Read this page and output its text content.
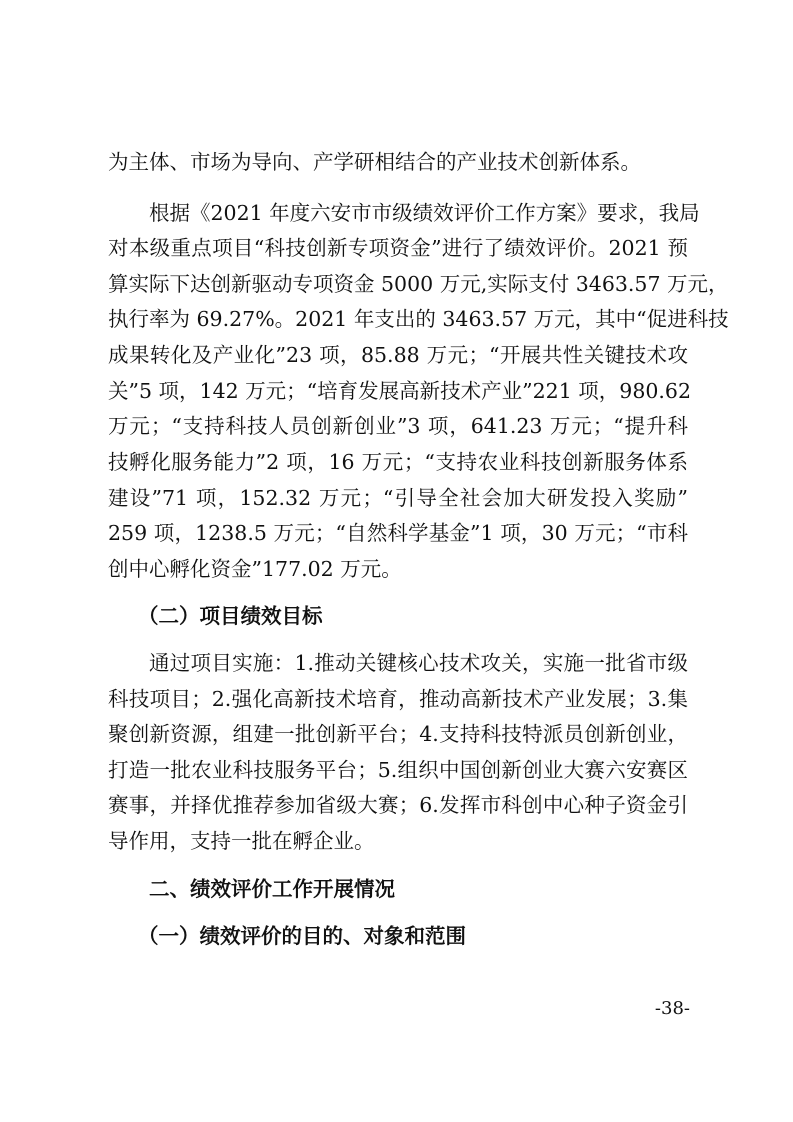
为主体、市场为导向、产学研相结合的产业技术创新体系。
根据《2021 年度六安市市级绩效评价工作方案》要求，我局
对本级重点项目“科技创新专项资金”进行了绩效评价。2021 预
算实际下达创新驱动专项资金 5000 万元,实际支付 3463.57 万元，
执行率为 69.27%。2021 年支出的 3463.57 万元，其中“促进科技
成果转化及产业化”23 项，85.88 万元；“开展共性关键技术攻
关”5 项，142 万元；“培育发展高新技术产业”221 项，980.62
万元；“支持科技人员创新创业”3 项，641.23 万元；“提升科
技孵化服务能力”2 项，16 万元；“支持农业科技创新服务体系
建设”71 项，152.32 万元；“引导全社会加大研发投入奖励”
259 项，1238.5 万元；“自然科学基金”1 项，30 万元；“市科
创中心孵化资金”177.02 万元。
（二）项目绩效目标
通过项目实施：1.推动关键核心技术攻关，实施一批省市级
科技项目；2.强化高新技术培育，推动高新技术产业发展；3.集
聚创新资源，组建一批创新平台；4.支持科技特派员创新创业，
打造一批农业科技服务平台；5.组织中国创新创业大赛六安赛区
赛事，并择优推荐参加省级大赛；6.发挥市科创中心种子资金引
导作用，支持一批在孵企业。
二、绩效评价工作开展情况
（一）绩效评价的目的、对象和范围
-38-
